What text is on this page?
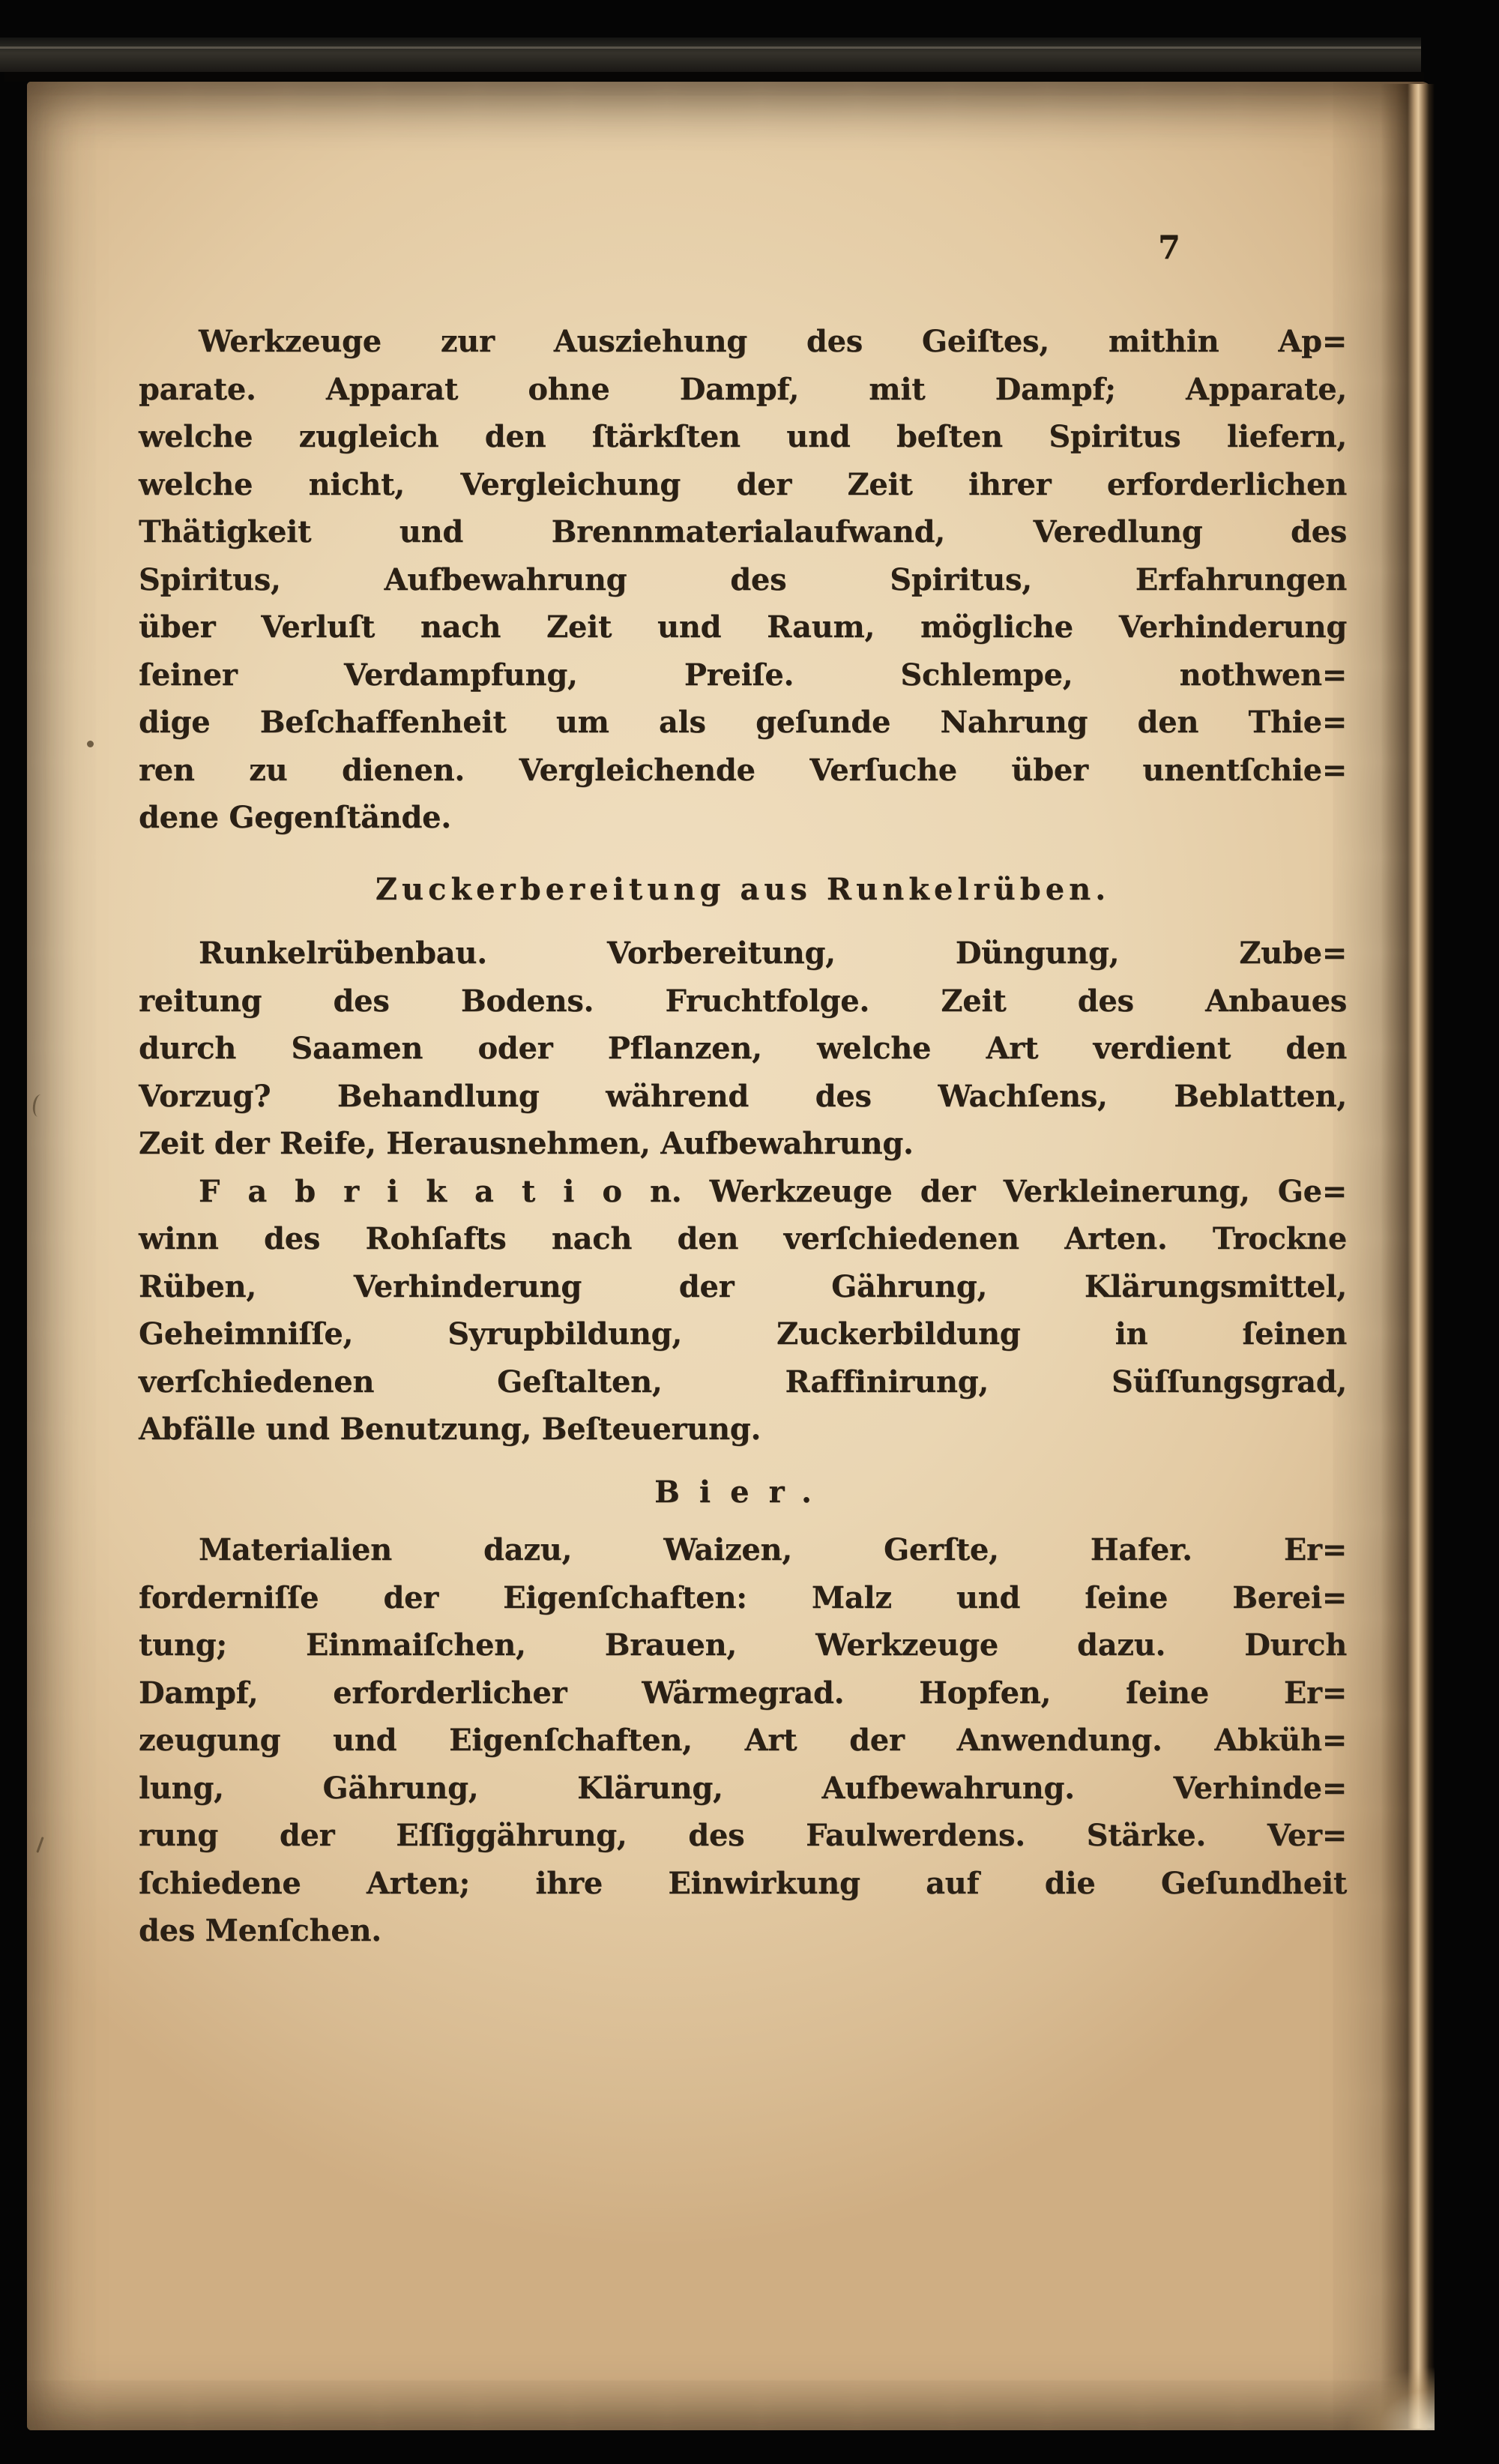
7
Werkzeuge zur Ausziehung des Geiſtes, mithin Ap=
parate. Apparat ohne Dampf, mit Dampf; Apparate,
welche zugleich den ſtärkſten und beſten Spiritus liefern,
welche nicht, Vergleichung der Zeit ihrer erforderlichen
Thätigkeit und Brennmaterialaufwand, Veredlung des
Spiritus, Aufbewahrung des Spiritus, Erfahrungen
über Verluſt nach Zeit und Raum, mögliche Verhinderung
ſeiner Verdampfung, Preiſe. Schlempe, nothwen=
dige Beſchaffenheit um als geſunde Nahrung den Thie=
ren zu dienen. Vergleichende Verſuche über unentſchie=
dene Gegenſtände.
Zuckerbereitung aus Runkelrüben.
Runkelrübenbau. Vorbereitung, Düngung, Zube=
reitung des Bodens. Fruchtfolge. Zeit des Anbaues
durch Saamen oder Pflanzen, welche Art verdient den
Vorzug? Behandlung während des Wachſens, Beblatten,
Zeit der Reife, Herausnehmen, Aufbewahrung.
F a b r i k a t i o n. Werkzeuge der Verkleinerung, Ge=
winn des Rohſafts nach den verſchiedenen Arten. Trockne
Rüben, Verhinderung der Gährung, Klärungsmittel,
Geheimniſſe, Syrupbildung, Zuckerbildung in ſeinen
verſchiedenen Geſtalten, Raffinirung, Süſſungsgrad,
Abfälle und Benutzung, Beſteuerung.
Bier.
Materialien dazu, Waizen, Gerſte, Hafer. Er=
forderniſſe der Eigenſchaften: Malz und ſeine Berei=
tung; Einmaiſchen, Brauen, Werkzeuge dazu. Durch
Dampf, erforderlicher Wärmegrad. Hopfen, ſeine Er=
zeugung und Eigenſchaften, Art der Anwendung. Abküh=
lung, Gährung, Klärung, Aufbewahrung. Verhinde=
rung der Eſſiggährung, des Faulwerdens. Stärke. Ver=
ſchiedene Arten; ihre Einwirkung auf die Geſundheit
des Menſchen.
